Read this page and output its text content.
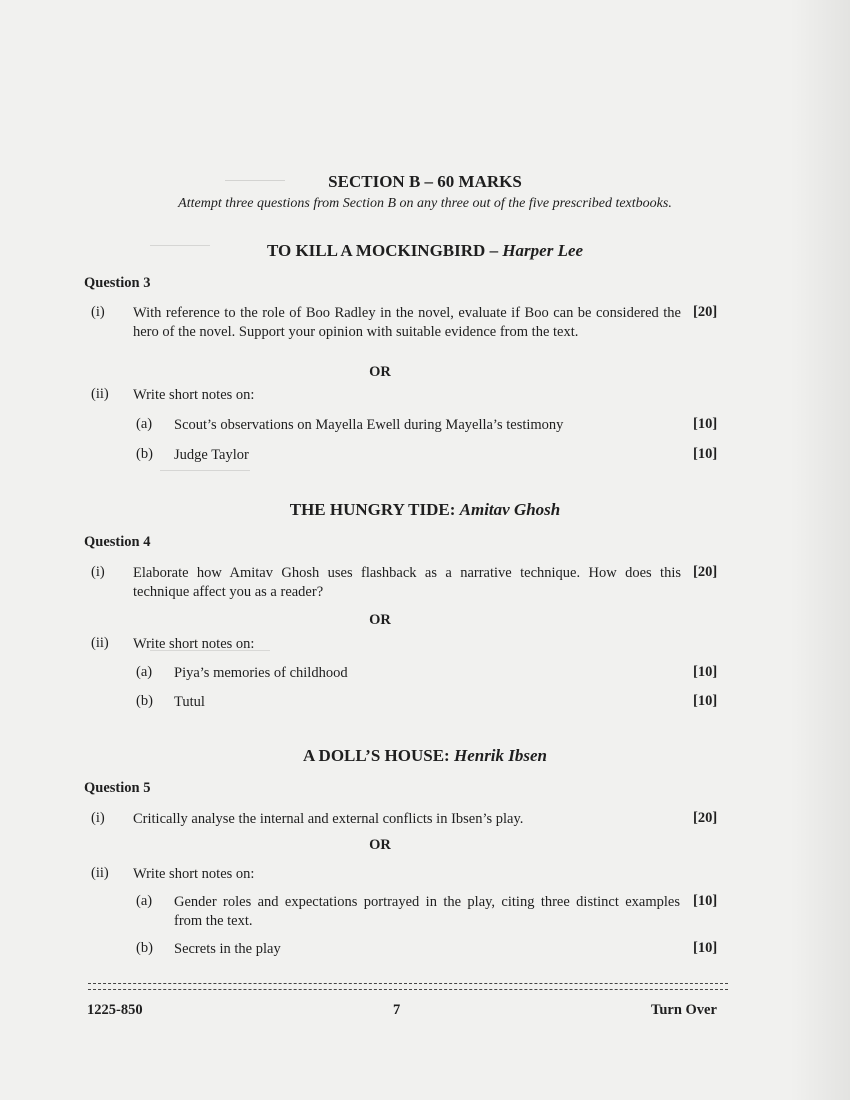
SECTION B – 60 MARKS
Attempt three questions from Section B on any three out of the five prescribed textbooks.
TO KILL A MOCKINGBIRD – Harper Lee
Question 3
(i) With reference to the role of Boo Radley in the novel, evaluate if Boo can be considered the hero of the novel. Support your opinion with suitable evidence from the text.
[20]
OR
(ii) Write short notes on:
(a) Scout’s observations on Mayella Ewell during Mayella’s testimony	[10]
(b) Judge Taylor	[10]
THE HUNGRY TIDE: Amitav Ghosh
Question 4
(i) Elaborate how Amitav Ghosh uses flashback as a narrative technique. How does this technique affect you as a reader?
[20]
OR
(ii) Write short notes on:
(a) Piya’s memories of childhood	[10]
(b) Tutul	[10]
A DOLL’S HOUSE: Henrik Ibsen
Question 5
(i) Critically analyse the internal and external conflicts in Ibsen’s play.	[20]
OR
(ii) Write short notes on:
(a) Gender roles and expectations portrayed in the play, citing three distinct examples from the text.
[10]
(b) Secrets in the play	[10]
1225-850	7	Turn Over
